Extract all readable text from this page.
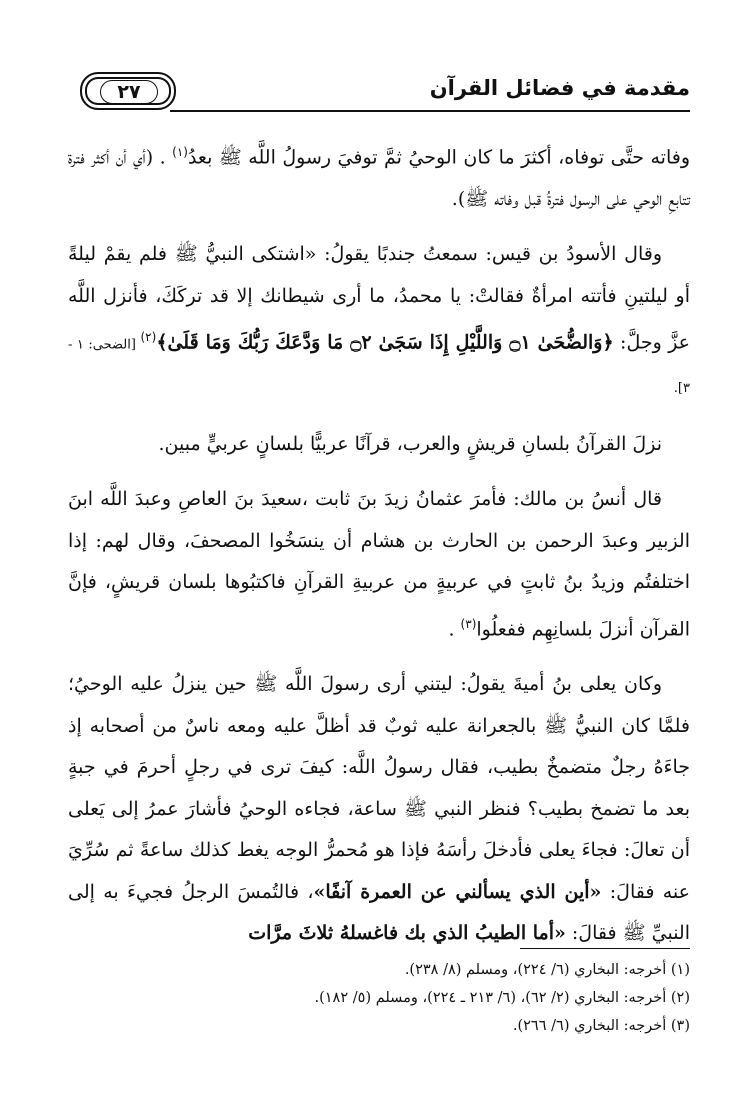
٢٧	مقدمة في فضائل القرآن

وفاته حتَّى توفاه، أكثرَ ما كان الوحيُ ثمَّ توفيَ رسولُ اللَّه ﷺ بعدُ$^{(١)}$ . (أي أن أكثر فترة تتابعِ الوحي على الرسول فترةُ قبل وفاته ﷺ).

وقال الأسودُ بن قيس: سمعتُ جندبًا يقولُ: «اشتكى النبيُّ ﷺ فلم يقمْ ليلةً أو ليلتينِ فأتته امرأةٌ فقالتْ: يا محمدُ، ما أرى شيطانك إلا قد تركَكَ، فأنزل اللَّه عزَّ وجلَّ: ﴿وَالضُّحَىٰ ۝١ وَاللَّيْلِ إِذَا سَجَىٰ ۝٢ مَا وَدَّعَكَ رَبُّكَ وَمَا قَلَىٰ﴾$^{(٢)}$ [الضحى: ١ - ٣].

نزلَ القرآنُ بلسانِ قريشٍ والعرب، قرآنًا عربيًّا بلسانٍ عربيٍّ مبين.

قال أنسُ بن مالك: فأمرَ عثمانُ زيدَ بنَ ثابت ،سعيدَ بنَ العاصِ وعبدَ اللَّه ابنَ الزبير وعبدَ الرحمن بن الحارث بن هشام أن ينسَخُوا المصحفَ، وقال لهم: إذا اختلفتُم وزيدُ بنُ ثابتٍ في عربيةٍ من عربيةِ القرآنِ فاكتبُوها بلسان قريشٍ، فإنَّ القرآن أنزلَ بلسانِهِم ففعلُوا$^{(٣)}$ .

وكان يعلى بنُ أميةَ يقولُ: ليتني أرى رسولَ اللَّه ﷺ حين ينزلُ عليه الوحيُ؛ فلمَّا كان النبيُّ ﷺ بالجعرانة عليه ثوبٌ قد أظلَّ عليه ومعه ناسٌ من أصحابه إذ جاءَهُ رجلٌ متضمخٌ بطيب، فقال رسولُ اللَّه: كيفَ ترى في رجلٍ أحرمَ في جبةٍ بعد ما تضمخ بطيب؟ فنظر النبي ﷺ ساعة، فجاءه الوحيُ فأشارَ عمرُ إلى يَعلى أن تعالَ: فجاءَ يعلى فأدخلَ رأسَهُ فإذا هو مُحمرُّ الوجه يغط كذلك ساعةً ثم سُرِّيَ عنه فقالَ: «أين الذي يسألني عن العمرة آنفًا»، فالتُمسَ الرجلُ فجيءَ به إلى النبيِّ ﷺ فقالَ: «أما الطيبُ الذي بك فاغسلهُ ثلاثَ مرَّات

(١) أخرجه: البخاري (٦/ ٢٢٤)، ومسلم (٨/ ٢٣٨).
(٢) أخرجه: البخاري (٢/ ٦٢)، (٦/ ٢١٣ ـ ٢٢٤)، ومسلم (٥/ ١٨٢).
(٣) أخرجه: البخاري (٦/ ٢٦٦).
